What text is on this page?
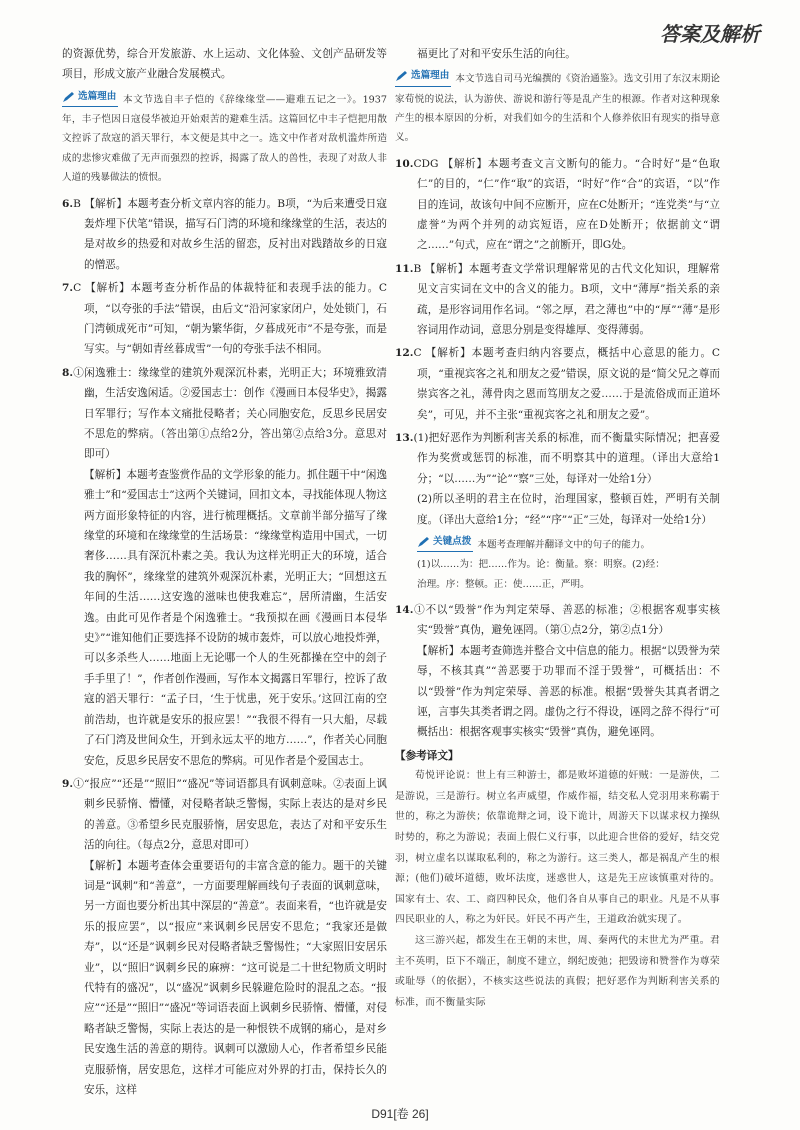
答案及解析

的资源优势，综合开发旅游、水上运动、文化体验、文创产品研发等项目，形成文旅产业融合发展模式。

选篇理由 本文节选自丰子恺的《辞缘缘堂——避难五记之一》。1937年，丰子恺因日寇侵华被迫开始艰苦的避难生活。这篇回忆中丰子恺把用散文控诉了敌寇的滔天罪行，本文便是其中之一。选文中作者对敌机滥炸所造成的悲惨灾难做了无声而强烈的控诉，揭露了敌人的兽性，表现了对敌人非人道的残暴做法的愤恨。

6.B 【解析】本题考查分析文章内容的能力。B项，“为后来遭受日寇轰炸埋下伏笔”错误，描写石门湾的环境和缘缘堂的生活，表达的是对故乡的热爱和对故乡生活的留恋，反衬出对践踏故乡的日寇的憎恶。

7.C 【解析】本题考查分析作品的体裁特征和表现手法的能力。C项，“以夸张的手法”错误，由后文“沿河家家闭户，处处锁门，石门湾顿成死市”可知，“朝为繁华街，夕暮成死市”不是夸张，而是写实。与“朝如青丝暮成雪”一句的夸张手法不相同。

8.①闲逸雅士：缘缘堂的建筑外观深沉朴素，光明正大；环境雅致清幽，生活安逸闲适。②爱国志士：创作《漫画日本侵华史》，揭露日军罪行；写作本文痛批侵略者；关心同胞安危，反思乡民居安不思危的弊病。（答出第①点给2分，答出第②点给3分。意思对即可）

【解析】本题考查鉴赏作品的文学形象的能力。抓住题干中“闲逸雅士”和“爱国志士”这两个关键词，回扣文本，寻找能体现人物这两方面形象特征的内容，进行梳理概括。文章前半部分描写了缘缘堂的环境和在缘缘堂的生活场景：“缘缘堂构造用中国式，一切奢侈……具有深沉朴素之美。我认为这样光明正大的环境，适合我的胸怀”，缘缘堂的建筑外观深沉朴素，光明正大；“回想这五年间的生活……这安逸的滋味也使我难忘”，居所清幽，生活安逸。由此可见作者是个闲逸雅士。“我预拟在画《漫画日本侵华史》”“谁知他们正要选择不设防的城市轰炸，可以放心地投炸弹，可以多杀些人……地面上无论哪一个人的生死都操在空中的刽子手手里了！”，作者创作漫画，写作本文揭露日军罪行，控诉了敌寇的滔天罪行：“孟子曰，‘生于忧患，死于安乐。’这回江南的空前浩劫，也许就是安乐的报应罢！”“我很不得有一只大船，尽载了石门湾及世间众生，开到永远太平的地方……”，作者关心同胞安危，反思乡民居安不思危的弊病。可见作者是个爱国志士。

9.①“报应”“还是”“照旧”“盛况”等词语都具有讽刺意味。②表面上讽刺乡民骄惰、懵懂，对侵略者缺乏警惕，实际上表达的是对乡民的善意。③希望乡民克服骄惰，居安思危，表达了对和平安乐生活的向往。（每点2分，意思对即可）

【解析】本题考查体会重要语句的丰富含意的能力。题干的关键词是“讽刺”和“善意”，一方面要理解画线句子表面的讽刺意味，另一方面也要分析出其中深层的“善意”。表面来看，“也许就是安乐的报应罢”，以“报应”来讽刺乡民居安不思危；“我家还是做寿”，以“还是”讽刺乡民对侵略者缺乏警惕性；“大家照旧安居乐业”，以“照旧”讽刺乡民的麻痹：“这可说是二十世纪物质文明时代特有的盛况”，以“盛况”讽刺乡民躲避危险时的混乱之态。“报应”“还是”“照旧”“盛况”等词语表面上讽刺乡民骄惰、懵懂，对侵略者缺乏警惕，实际上表达的是一种恨铁不成钢的痛心，是对乡民安逸生活的善意的期待。讽刺可以激励人心，作者希望乡民能克服骄惰，居安思危，这样才可能应对外界的打击，保持长久的安乐，这样

福更比了对和平安乐生活的向往。

选篇理由 本文节选自司马光编撰的《资治通鉴》。选文引用了东汉末期论家荀悦的说法，认为游侠、游说和游行等是乱产生的根源。作者对这种现象产生的根本原因的分析，对我们如今的生活和个人修养依旧有现实的指导意义。

10.CDG 【解析】本题考查文言文断句的能力。“合时好”是“色取仁”的目的，“仁”作“取”的宾语，“时好”作“合”的宾语，“以”作目的连词，故该句中间不应断开，应在C处断开；“连党类”与“立虚誉”为两个并列的动宾短语，应在D处断开；依据前文“谓之……”句式，应在“谓之”之前断开，即G处。

11.B 【解析】本题考查文学常识理解常见的古代文化知识，理解常见文言实词在文中的含义的能力。B项，文中“薄厚”指关系的亲疏，是形容词用作名词。“邻之厚，君之薄也”中的“厚”“薄”是形容词用作动词，意思分别是变得雄厚、变得薄弱。

12.C 【解析】本题考查归纳内容要点，概括中心意思的能力。C项，“重视宾客之礼和朋友之爱”错误，原文说的是“简父兄之尊而崇宾客之礼，薄骨肉之恩而笃朋友之爱……于是流俗成而正道坏矣”，可见，并不主张“重视宾客之礼和朋友之爱”。

13.(1)把好恶作为判断利害关系的标准，而不衡量实际情况；把喜爱作为奖赏或惩罚的标准，而不明察其中的道理。（译出大意给1分；“以……为”“论”“察”三处，每译对一处给1分）

(2)所以圣明的君主在位时，治理国家，整顿百姓，严明有关制度。（译出大意给1分；“经”“序”“正”三处，每译对一处给1分）

关键点拨 本题考查理解并翻译文中的句子的能力。
(1)以……为：把……作为。论：衡量。察：明察。(2)经：
治理。序：整顿。正：使……正，严明。

14.①不以“毁誉”作为判定荣辱、善恶的标准；②根据客观事实核实“毁誉”真伪，避免诬罔。（第①点2分，第②点1分）

【解析】本题考查筛选并整合文中信息的能力。根据“以毁誉为荣辱，不核其真”“善恶要于功罪而不淫于毁誉”，可概括出：不以“毁誉”作为判定荣辱、善恶的标准。根据“毁誉失其真者谓之诬，言事失其类者谓之罔。虚伪之行不得设，诬罔之辞不得行”可概括出：根据客观事实核实“毁誉”真伪，避免诬罔。

【参考译文】

荀悦评论说：世上有三种游士，都是败坏道德的奸贼：一是游侠，二是游说，三是游行。树立名声威望，作威作福，结交私人党羽用来称霸于世的，称之为游侠；依靠诡辩之词，设下诡计，周游天下以谋求权力操纵时势的，称之为游说；表面上假仁义行事，以此迎合世俗的爱好，结交党羽，树立虚名以谋取私利的，称之为游行。这三类人，都是祸乱产生的根源；(他们)破坏道德，败坏法度，迷惑世人，这是先王应该慎重对待的。国家有士、农、工、商四种民众，他们各自从事自己的职业。凡是不从事四民职业的人，称之为奸民。奸民不再产生，王道政治就实现了。

这三游兴起，都发生在王朝的末世，周、秦两代的末世尤为严重。君主不英明，臣下不端正，制度不建立，纲纪废弛；把毁谤和赞誉作为尊荣或耻辱（的依据），不核实这些说法的真假；把好恶作为判断利害关系的标准，而不衡量实际

D91[卷 26]
